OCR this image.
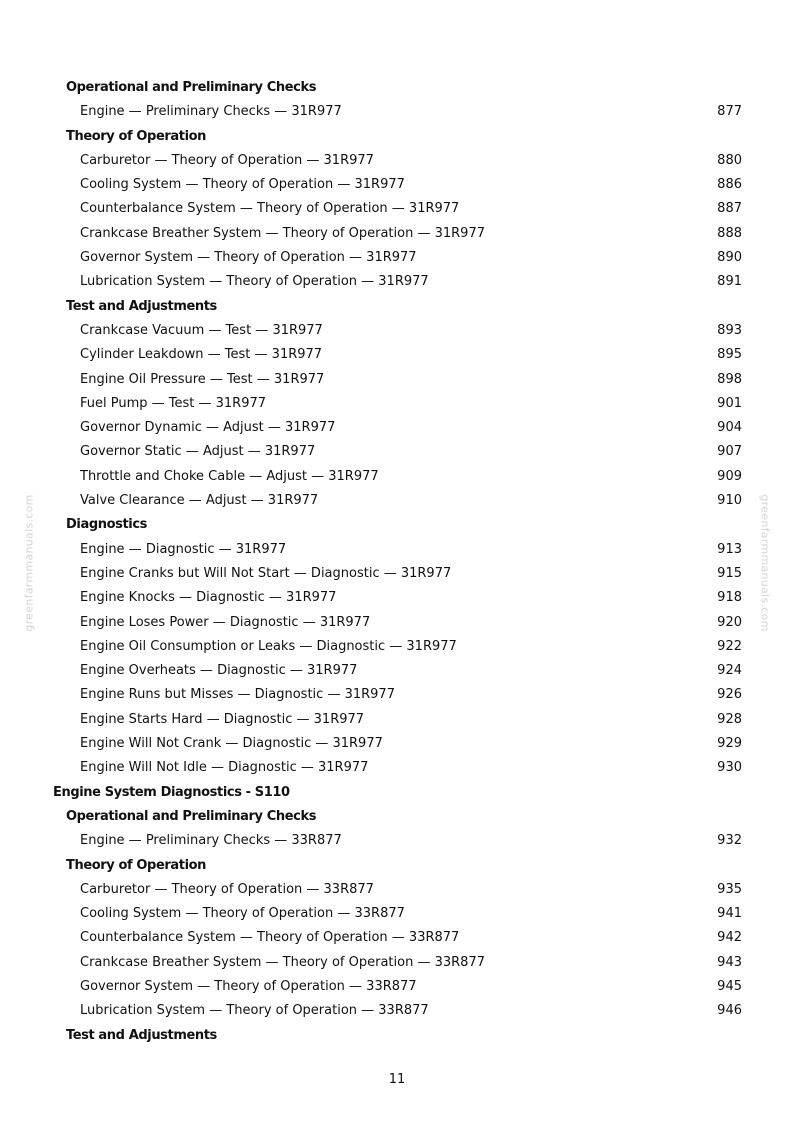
greenfarmmanuals.com	greenfarmmanuals.com
Operational and Preliminary Checks
Engine — Preliminary Checks — 31R977	877
Theory of Operation
Carburetor — Theory of Operation — 31R977	880
Cooling System — Theory of Operation — 31R977	886
Counterbalance System — Theory of Operation — 31R977	887
Crankcase Breather System — Theory of Operation — 31R977	888
Governor System — Theory of Operation — 31R977	890
Lubrication System — Theory of Operation — 31R977	891
Test and Adjustments
Crankcase Vacuum — Test — 31R977	893
Cylinder Leakdown — Test — 31R977	895
Engine Oil Pressure — Test — 31R977	898
Fuel Pump — Test — 31R977	901
Governor Dynamic — Adjust — 31R977	904
Governor Static — Adjust — 31R977	907
Throttle and Choke Cable — Adjust — 31R977	909
Valve Clearance — Adjust — 31R977	910
Diagnostics
Engine — Diagnostic — 31R977	913
Engine Cranks but Will Not Start — Diagnostic — 31R977	915
Engine Knocks — Diagnostic — 31R977	918
Engine Loses Power — Diagnostic — 31R977	920
Engine Oil Consumption or Leaks — Diagnostic — 31R977	922
Engine Overheats — Diagnostic — 31R977	924
Engine Runs but Misses — Diagnostic — 31R977	926
Engine Starts Hard — Diagnostic — 31R977	928
Engine Will Not Crank — Diagnostic — 31R977	929
Engine Will Not Idle — Diagnostic — 31R977	930
Engine System Diagnostics - S110
Operational and Preliminary Checks
Engine — Preliminary Checks — 33R877	932
Theory of Operation
Carburetor — Theory of Operation — 33R877	935
Cooling System — Theory of Operation — 33R877	941
Counterbalance System — Theory of Operation — 33R877	942
Crankcase Breather System — Theory of Operation — 33R877	943
Governor System — Theory of Operation — 33R877	945
Lubrication System — Theory of Operation — 33R877	946
Test and Adjustments
11
